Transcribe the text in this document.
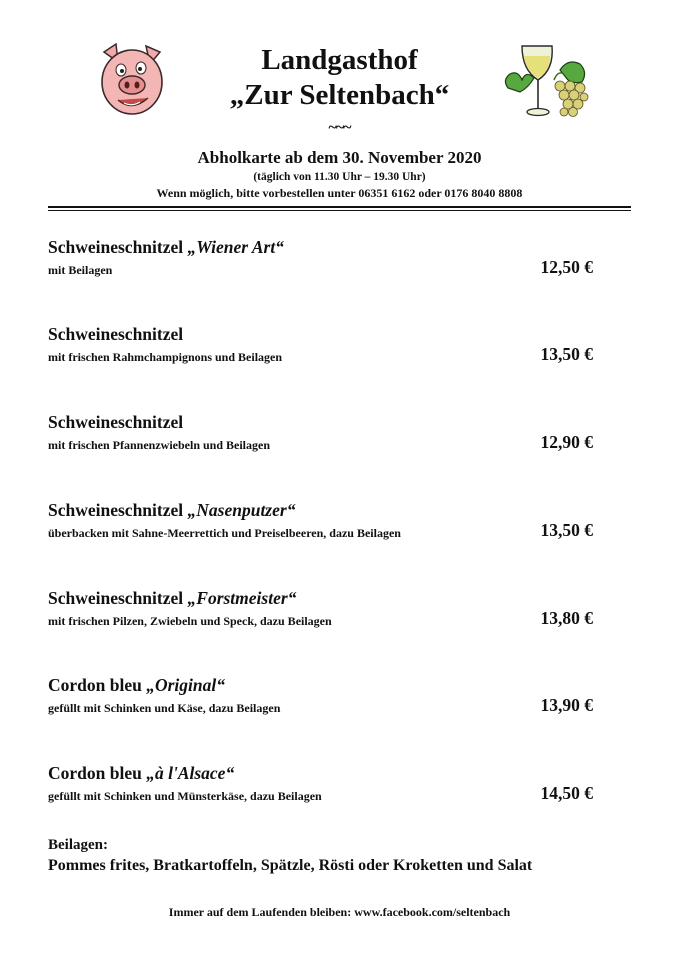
Landgasthof
„Zur Seltenbach“
~~~
Abholkarte ab dem 30. November 2020
(täglich von 11.30 Uhr – 19.30 Uhr)
Wenn möglich, bitte vorbestellen unter 06351 6162 oder 0176 8040 8808
Schweineschnitzel „Wiener Art“
mit Beilagen	12,50 €
Schweineschnitzel
mit frischen Rahmchampignons und Beilagen	13,50 €
Schweineschnitzel
mit frischen Pfannenzwiebeln und Beilagen	12,90 €
Schweineschnitzel „Nasenputzer“
überbacken mit Sahne-Meerrettich und Preiselbeeren, dazu Beilagen	13,50 €
Schweineschnitzel „Forstmeister“
mit frischen Pilzen, Zwiebeln und Speck, dazu Beilagen	13,80 €
Cordon bleu „Original“
gefüllt mit Schinken und Käse, dazu Beilagen	13,90 €
Cordon bleu „à l'Alsace“
gefüllt mit Schinken und Münsterkäse, dazu Beilagen	14,50 €
Beilagen:
Pommes frites, Bratkartoffeln, Spätzle, Rösti oder Kroketten und Salat
Immer auf dem Laufenden bleiben: www.facebook.com/seltenbach
